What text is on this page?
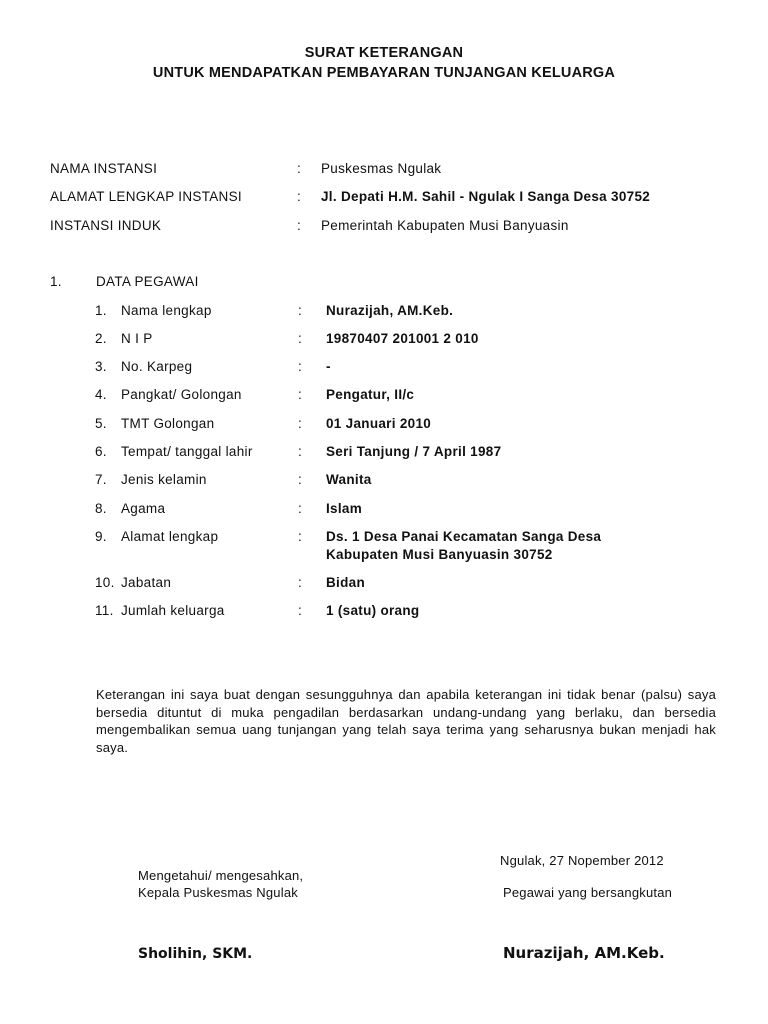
SURAT KETERANGAN
UNTUK MENDAPATKAN PEMBAYARAN TUNJANGAN KELUARGA
NAMA INSTANSI	: Puskesmas Ngulak
ALAMAT LENGKAP INSTANSI	: Jl. Depati H.M. Sahil - Ngulak I Sanga Desa 30752
INSTANSI INDUK	: Pemerintah Kabupaten Musi Banyuasin
1.	DATA PEGAWAI
1. Nama lengkap	: Nurazijah, AM.Keb.
2. N I P	: 19870407 201001 2 010
3. No. Karpeg	: -
4. Pangkat/ Golongan	: Pengatur, II/c
5. TMT Golongan	: 01 Januari 2010
6. Tempat/ tanggal lahir	: Seri Tanjung / 7 April 1987
7. Jenis kelamin	: Wanita
8. Agama	: Islam
9. Alamat lengkap	: Ds. 1 Desa Panai Kecamatan Sanga Desa
Kabupaten Musi Banyuasin 30752
10. Jabatan	: Bidan
11. Jumlah keluarga	: 1 (satu) orang
Keterangan ini saya buat dengan sesungguhnya dan apabila keterangan ini tidak benar (palsu) saya bersedia dituntut di muka pengadilan berdasarkan undang-undang yang berlaku, dan bersedia mengembalikan semua uang tunjangan yang telah saya terima yang seharusnya bukan menjadi hak saya.
Ngulak, 27 Nopember 2012
Mengetahui/ mengesahkan,
Kepala Puskesmas Ngulak	Pegawai yang bersangkutan
Sholihin, SKM.	Nurazijah, AM.Keb.
